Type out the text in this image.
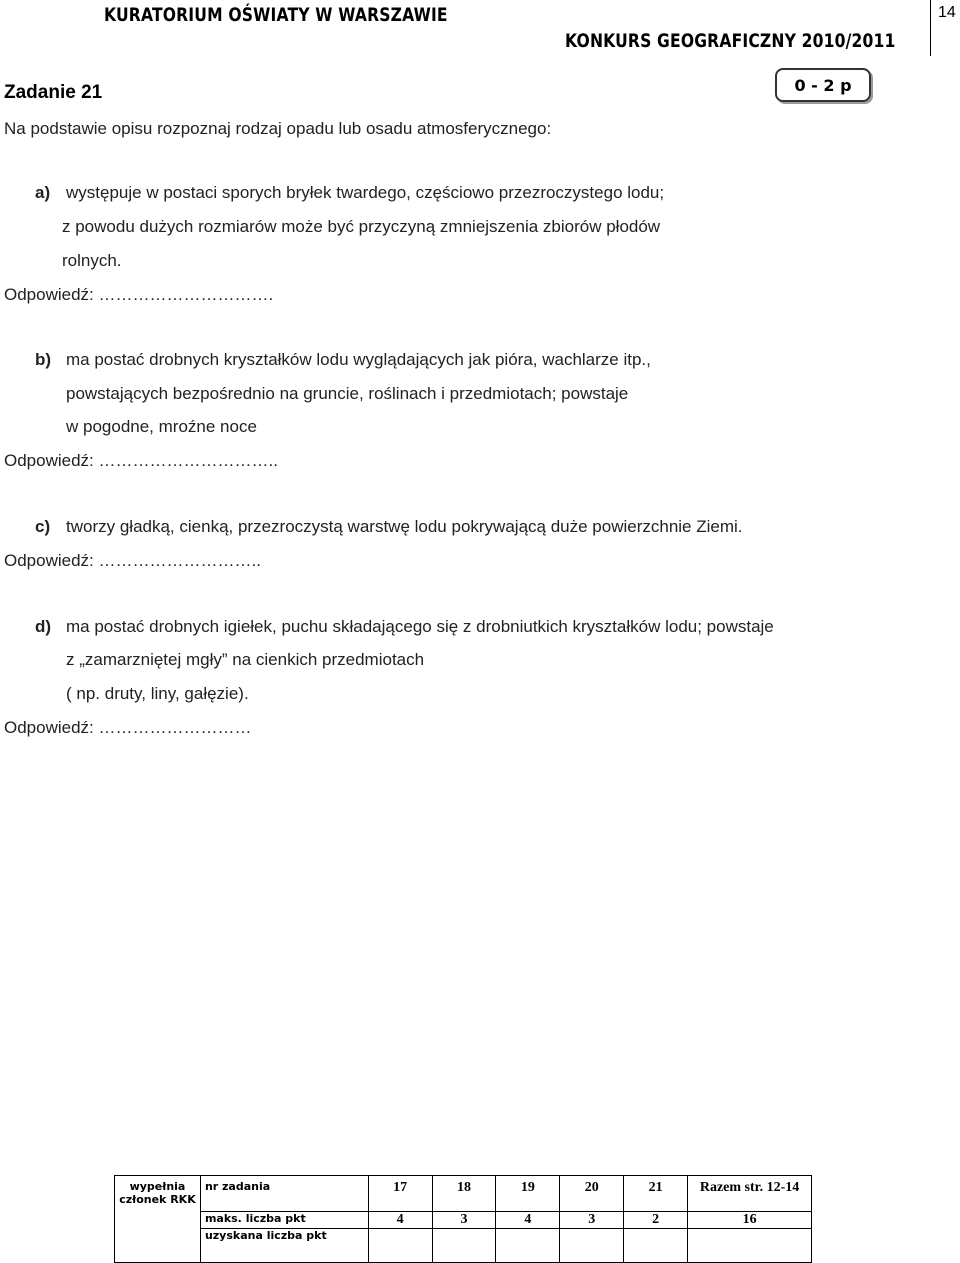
KURATORIUM OŚWIATY W WARSZAWIE
KONKURS GEOGRAFICZNY 2010/2011
14
Zadanie 21	0 - 2 p
Na podstawie opisu rozpoznaj rodzaj opadu lub osadu atmosferycznego:
a) występuje w postaci sporych bryłek twardego, częściowo przezroczystego lodu;
z powodu dużych rozmiarów może być przyczyną zmniejszenia zbiorów płodów
rolnych.
Odpowiedź: ………………………….
b) ma postać drobnych kryształków lodu wyglądających jak pióra, wachlarze itp.,
powstających bezpośrednio na gruncie, roślinach i przedmiotach; powstaje
w pogodne, mroźne noce
Odpowiedź: …………………………..
c) tworzy gładką, cienką, przezroczystą warstwę lodu pokrywającą duże powierzchnie Ziemi.
Odpowiedź: ………………………..
d) ma postać drobnych igiełek, puchu składającego się z drobniutkich kryształków lodu; powstaje
z „zamarzniętej mgły” na cienkich przedmiotach
( np. druty, liny, gałęzie).
Odpowiedź: ………………………
wypełnia członek RKK	nr zadania	17	18	19	20	21	Razem str. 12-14
	maks. liczba pkt	4	3	4	3	2	16
	uzyskana liczba pkt						
